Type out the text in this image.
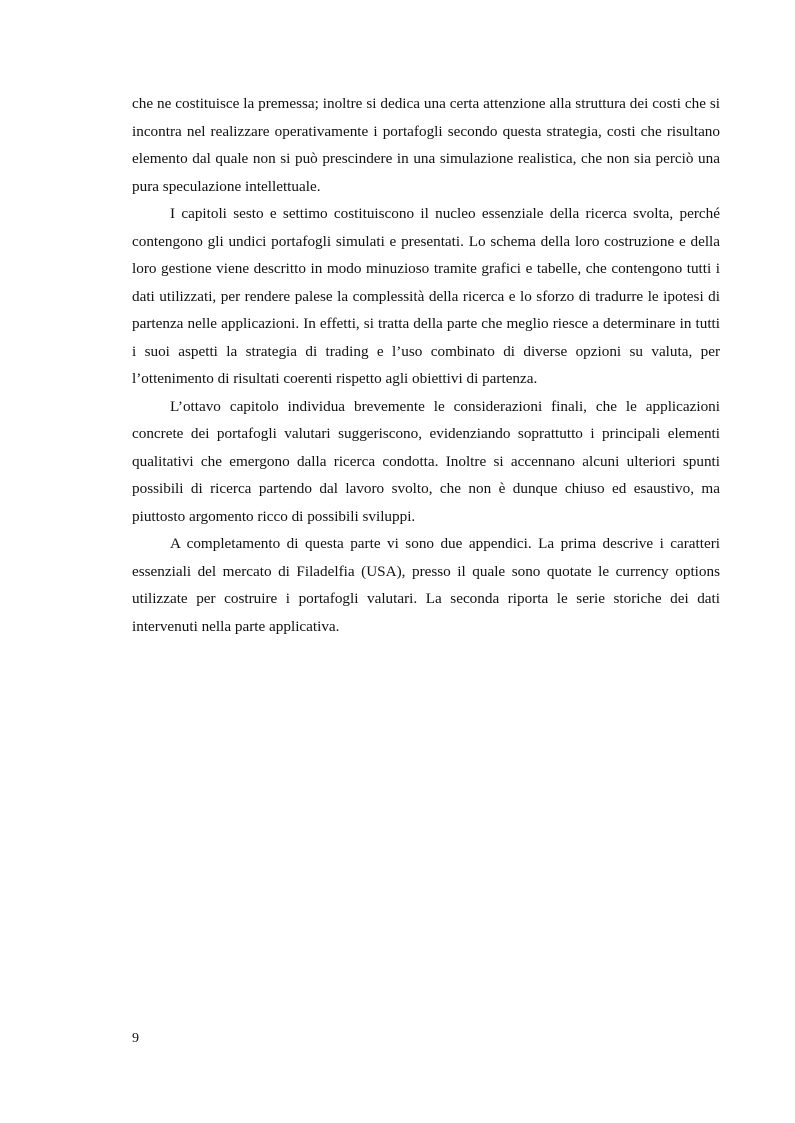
che ne costituisce la premessa; inoltre si dedica una certa attenzione alla struttura dei costi che si incontra nel realizzare operativamente i portafogli secondo questa strategia, costi che risultano elemento dal quale non si può prescindere in una simulazione realistica, che non sia perciò una pura speculazione intellettuale.

I capitoli sesto e settimo costituiscono il nucleo essenziale della ricerca svolta, perché contengono gli undici portafogli simulati e presentati. Lo schema della loro costruzione e della loro gestione viene descritto in modo minuzioso tramite grafici e tabelle, che contengono tutti i dati utilizzati, per rendere palese la complessità della ricerca e lo sforzo di tradurre le ipotesi di partenza nelle applicazioni. In effetti, si tratta della parte che meglio riesce a determinare in tutti i suoi aspetti la strategia di trading e l’uso combinato di diverse opzioni su valuta, per l’ottenimento di risultati coerenti rispetto agli obiettivi di partenza.

L’ottavo capitolo individua brevemente le considerazioni finali, che le applicazioni concrete dei portafogli valutari suggeriscono, evidenziando soprattutto i principali elementi qualitativi che emergono dalla ricerca condotta. Inoltre si accennano alcuni ulteriori spunti possibili di ricerca partendo dal lavoro svolto, che non è dunque chiuso ed esaustivo, ma piuttosto argomento ricco di possibili sviluppi.

A completamento di questa parte vi sono due appendici. La prima descrive i caratteri essenziali del mercato di Filadelfia (USA), presso il quale sono quotate le currency options utilizzate per costruire i portafogli valutari. La seconda riporta le serie storiche dei dati intervenuti nella parte applicativa.

9
